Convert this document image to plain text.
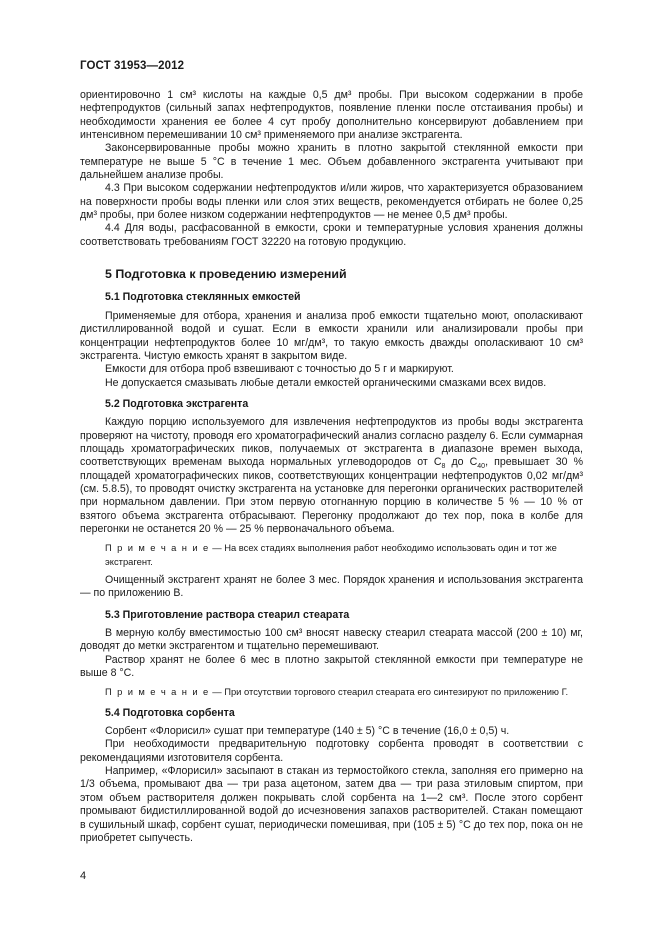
ГОСТ 31953—2012

ориентировочно 1 см³ кислоты на каждые 0,5 дм³ пробы. При высоком содержании в пробе нефтепродуктов (сильный запах нефтепродуктов, появление пленки после отстаивания пробы) и необходимости хранения ее более 4 сут пробу дополнительно консервируют добавлением при интенсивном перемешивании 10 см³ применяемого при анализе экстрагента.

Законсервированные пробы можно хранить в плотно закрытой стеклянной емкости при температуре не выше 5 °С в течение 1 мес. Объем добавленного экстрагента учитывают при дальнейшем анализе пробы.

4.3 При высоком содержании нефтепродуктов и/или жиров, что характеризуется образованием на поверхности пробы воды пленки или слоя этих веществ, рекомендуется отбирать не более 0,25 дм³ пробы, при более низком содержании нефтепродуктов — не менее 0,5 дм³ пробы.

4.4 Для воды, расфасованной в емкости, сроки и температурные условия хранения должны соответствовать требованиям ГОСТ 32220 на готовую продукцию.

5 Подготовка к проведению измерений
5.1 Подготовка стеклянных емкостей

Применяемые для отбора, хранения и анализа проб емкости тщательно моют, ополаскивают дистиллированной водой и сушат. Если в емкости хранили или анализировали пробы при концентрации нефтепродуктов более 10 мг/дм³, то такую емкость дважды ополаскивают 10 см³ экстрагента. Чистую емкость хранят в закрытом виде.

Емкости для отбора проб взвешивают с точностью до 5 г и маркируют.

Не допускается смазывать любые детали емкостей органическими смазками всех видов.

5.2 Подготовка экстрагента

Каждую порцию используемого для извлечения нефтепродуктов из пробы воды экстрагента проверяют на чистоту, проводя его хроматографический анализ согласно разделу 6. Если суммарная площадь хроматографических пиков, получаемых от экстрагента в диапазоне времен выхода, соответствующих временам выхода нормальных углеводородов от $С_8$ до $С_{40}$, превышает 30 % площадей хроматографических пиков, соответствующих концентрации нефтепродуктов 0,02 мг/дм³ (см. 5.8.5), то проводят очистку экстрагента на установке для перегонки органических растворителей при нормальном давлении. При этом первую отогнанную порцию в количестве 5 % — 10 % от взятого объема экстрагента отбрасывают. Перегонку продолжают до тех пор, пока в колбе для перегонки не останется 20 % — 25 % первоначального объема.

П р и м е ч а н и е — На всех стадиях выполнения работ необходимо использовать один и тот же экстрагент.

Очищенный экстрагент хранят не более 3 мес. Порядок хранения и использования экстрагента — по приложению В.

5.3 Приготовление раствора стеарил стеарата

В мерную колбу вместимостью 100 см³ вносят навеску стеарил стеарата массой (200 ± 10) мг, доводят до метки экстрагентом и тщательно перемешивают.

Раствор хранят не более 6 мес в плотно закрытой стеклянной емкости при температуре не выше 8 °С.

П р и м е ч а н и е — При отсутствии торгового стеарил стеарата его синтезируют по приложению Г.

5.4 Подготовка сорбента

Сорбент «Флорисил» сушат при температуре (140 ± 5) °С в течение (16,0 ± 0,5) ч.

При необходимости предварительную подготовку сорбента проводят в соответствии с рекомендациями изготовителя сорбента.

Например, «Флорисил» засыпают в стакан из термостойкого стекла, заполняя его примерно на 1/3 объема, промывают два — три раза ацетоном, затем два — три раза этиловым спиртом, при этом объем растворителя должен покрывать слой сорбента на 1—2 см³. После этого сорбент промывают бидистиллированной водой до исчезновения запахов растворителей. Стакан помещают в сушильный шкаф, сорбент сушат, периодически помешивая, при (105 ± 5) °С до тех пор, пока он не приобретет сыпучесть.

4
